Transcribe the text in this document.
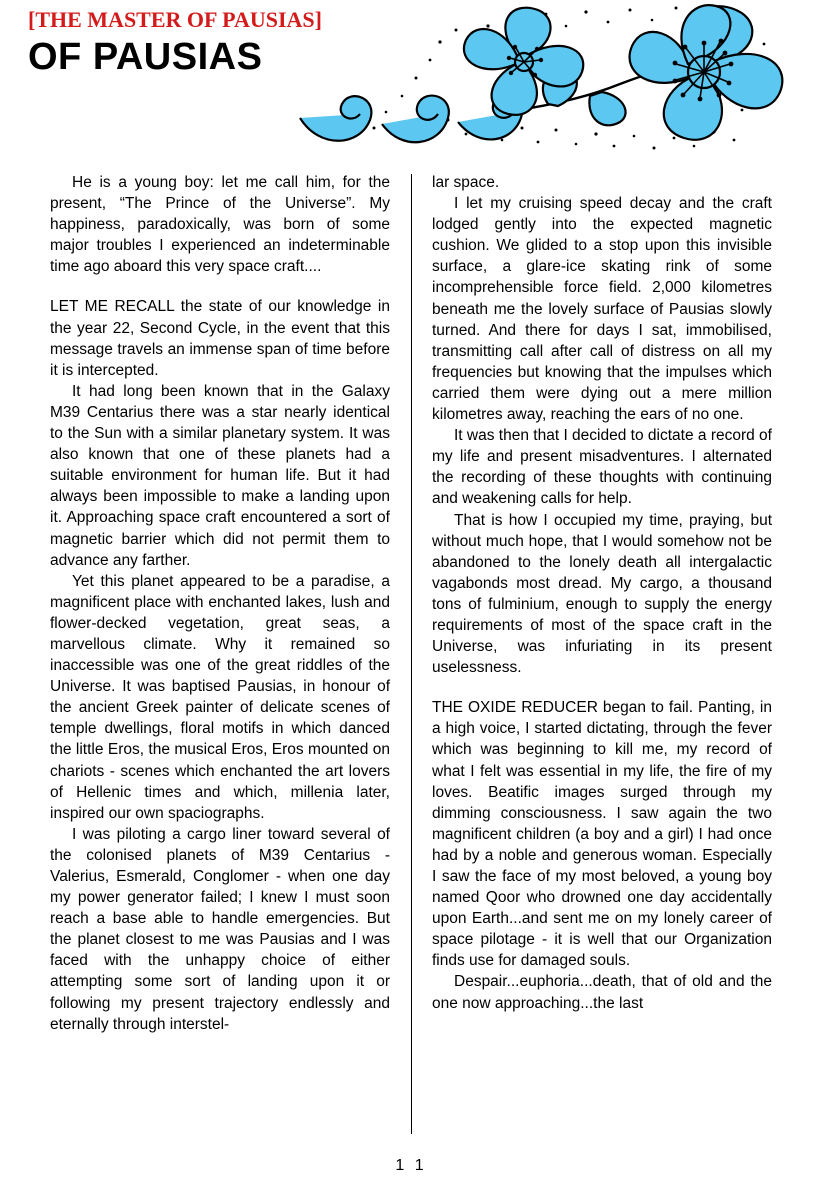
[THE MASTER OF PAUSIAS]
OF PAUSIAS

He is a young boy: let me call him, for the present, “The Prince of the Universe”. My happiness, paradoxically, was born of some major troubles I experienced an indeterminable time ago aboard this very space craft....

LET ME RECALL the state of our knowledge in the year 22, Second Cycle, in the event that this message travels an immense span of time before it is intercepted.

It had long been known that in the Galaxy M39 Centarius there was a star nearly identical to the Sun with a similar planetary system. It was also known that one of these planets had a suitable environment for human life. But it had always been impossible to make a landing upon it. Approaching space craft encountered a sort of magnetic barrier which did not permit them to advance any farther.

Yet this planet appeared to be a paradise, a magnificent place with enchanted lakes, lush and flower-decked vegetation, great seas, a marvellous climate. Why it remained so inaccessible was one of the great riddles of the Universe. It was baptised Pausias, in honour of the ancient Greek painter of delicate scenes of temple dwellings, floral motifs in which danced the little Eros, the musical Eros, Eros mounted on chariots - scenes which enchanted the art lovers of Hellenic times and which, millenia later, inspired our own spaciographs.

I was piloting a cargo liner toward several of the colonised planets of M39 Centarius - Valerius, Esmerald, Conglomer - when one day my power generator failed; I knew I must soon reach a base able to handle emergencies. But the planet closest to me was Pausias and I was faced with the unhappy choice of either attempting some sort of landing upon it or following my present trajectory endlessly and eternally through interstel-

lar space.

I let my cruising speed decay and the craft lodged gently into the expected magnetic cushion. We glided to a stop upon this invisible surface, a glare-ice skating rink of some incomprehensible force field. 2,000 kilometres beneath me the lovely surface of Pausias slowly turned. And there for days I sat, immobilised, transmitting call after call of distress on all my frequencies but knowing that the impulses which carried them were dying out a mere million kilometres away, reaching the ears of no one.

It was then that I decided to dictate a record of my life and present misadventures. I alternated the recording of these thoughts with continuing and weakening calls for help.

That is how I occupied my time, praying, but without much hope, that I would somehow not be abandoned to the lonely death all intergalactic vagabonds most dread. My cargo, a thousand tons of fulminium, enough to supply the energy requirements of most of the space craft in the Universe, was infuriating in its present uselessness.

THE OXIDE REDUCER began to fail. Panting, in a high voice, I started dictating, through the fever which was beginning to kill me, my record of what I felt was essential in my life, the fire of my loves. Beatific images surged through my dimming consciousness. I saw again the two magnificent children (a boy and a girl) I had once had by a noble and generous woman. Especially I saw the face of my most beloved, a young boy named Qoor who drowned one day accidentally upon Earth...and sent me on my lonely career of space pilotage - it is well that our Organization finds use for damaged souls.

Despair...euphoria...death, that of old and the one now approaching...the last

1 1
